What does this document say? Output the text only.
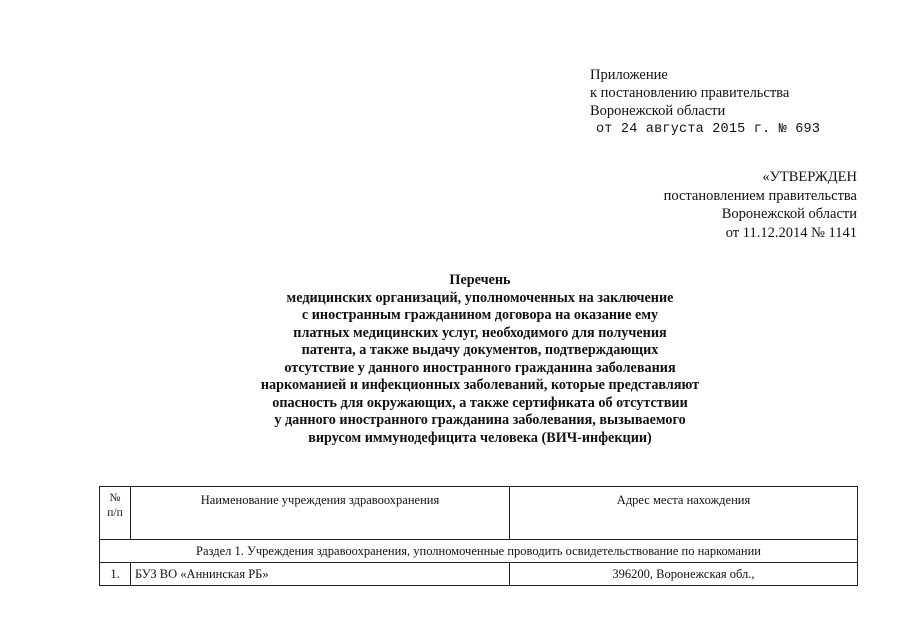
Приложение
к постановлению правительства
Воронежской области
от 24 августа 2015 г. № 693
«УТВЕРЖДЕН
постановлением правительства
Воронежской области
от 11.12.2014 № 1141
Перечень
медицинских организаций, уполномоченных на заключение
с иностранным гражданином договора на оказание ему
платных медицинских услуг, необходимого для получения
патента, а также выдачу документов, подтверждающих
отсутствие у данного иностранного гражданина заболевания
наркоманией и инфекционных заболеваний, которые представляют
опасность для окружающих, а также сертификата об отсутствии
у данного иностранного гражданина заболевания, вызываемого
вирусом иммунодефицита человека (ВИЧ-инфекции)
№
п/п	Наименование учреждения здравоохранения	Адрес места нахождения
Раздел 1. Учреждения здравоохранения, уполномоченные проводить освидетельствование по наркомании		
1.	БУЗ ВО «Аннинская РБ»	396200, Воронежская обл.,
